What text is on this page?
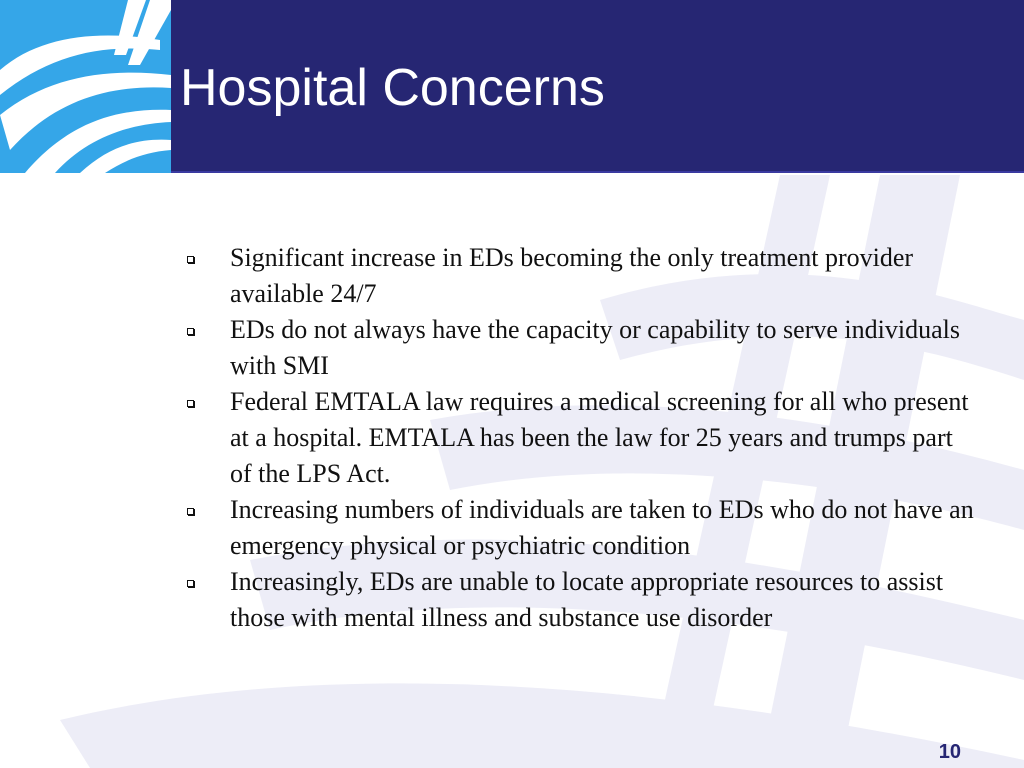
Hospital Concerns
Significant increase in EDs becoming the only treatment provider available 24/7
EDs do not always have the capacity or capability to serve individuals with SMI
Federal EMTALA law requires a medical screening for all who present at a hospital. EMTALA has been the law for 25 years and trumps part of the LPS Act.
Increasing numbers of individuals are taken to EDs who do not have an emergency physical or psychiatric condition
Increasingly, EDs are unable to locate appropriate resources to assist those with mental illness and substance use disorder
10
